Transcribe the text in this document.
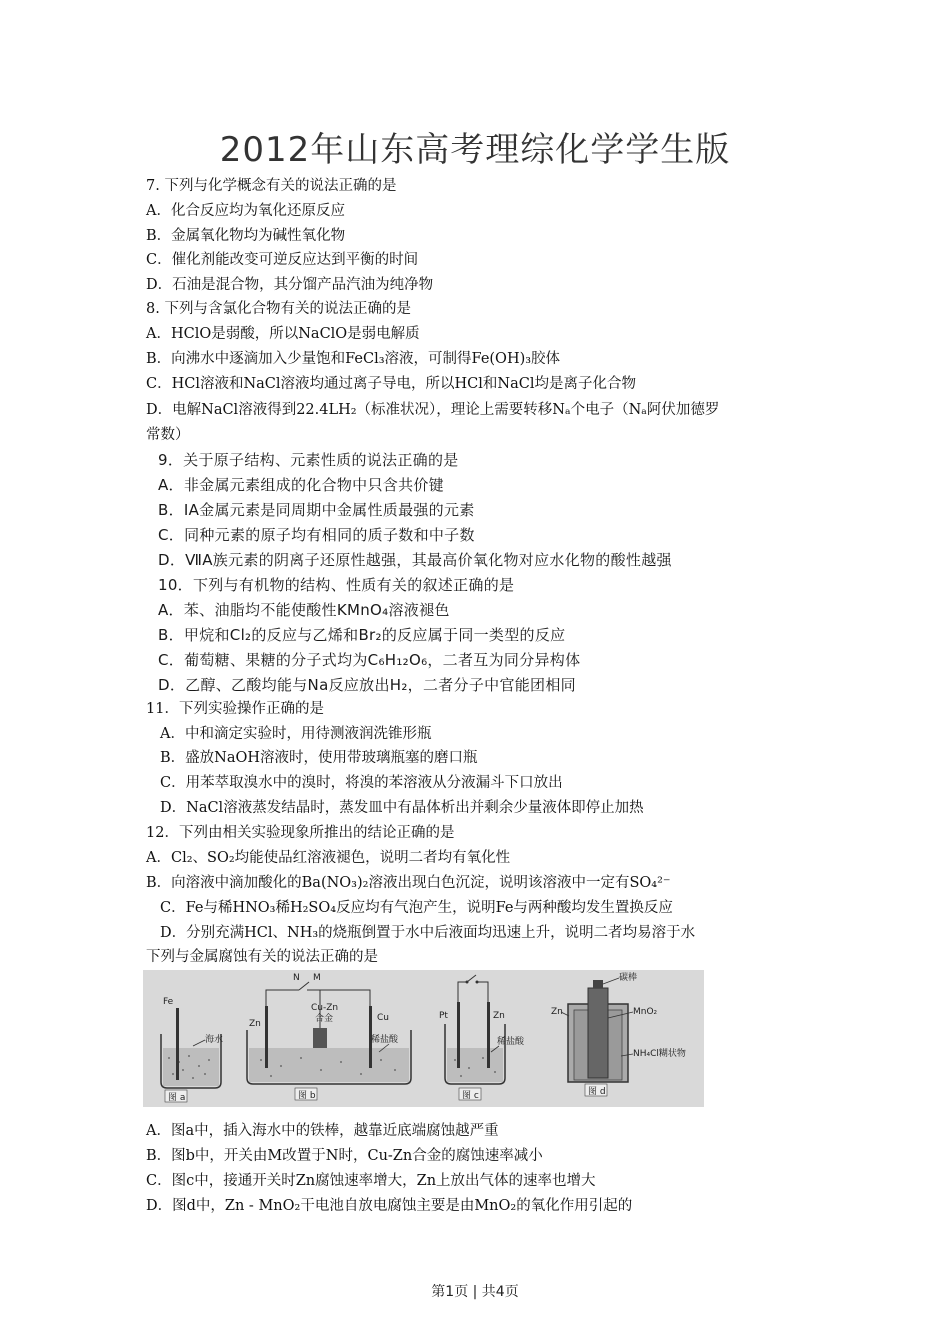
2012年山东高考理综化学学生版
7. 下列与化学概念有关的说法正确的是
A．化合反应均为氧化还原反应
B．金属氧化物均为碱性氧化物
C．催化剂能改变可逆反应达到平衡的时间
D．石油是混合物，其分馏产品汽油为纯净物
8. 下列与含氯化合物有关的说法正确的是
A．HClO是弱酸，所以NaClO是弱电解质
B．向沸水中逐滴加入少量饱和FeCl₃溶液，可制得Fe(OH)₃胶体
C．HCl溶液和NaCl溶液均通过离子导电，所以HCl和NaCl均是离子化合物
D．电解NaCl溶液得到22.4LH₂（标准状况），理论上需要转移Nₐ个电子（Nₐ阿伏加德罗
常数）
9．关于原子结构、元素性质的说法正确的是
A．非金属元素组成的化合物中只含共价键
B．ⅠA金属元素是同周期中金属性质最强的元素
C．同种元素的原子均有相同的质子数和中子数
D．ⅦA族元素的阴离子还原性越强，其最高价氧化物对应水化物的酸性越强
10．下列与有机物的结构、性质有关的叙述正确的是
A．苯、油脂均不能使酸性KMnO₄溶液褪色
B．甲烷和Cl₂的反应与乙烯和Br₂的反应属于同一类型的反应
C．葡萄糖、果糖的分子式均为C₆H₁₂O₆，二者互为同分异构体
D．乙醇、乙酸均能与Na反应放出H₂，二者分子中官能团相同
11．下列实验操作正确的是
A．中和滴定实验时，用待测液润洗锥形瓶
B．盛放NaOH溶液时，使用带玻璃瓶塞的磨口瓶
C．用苯萃取溴水中的溴时，将溴的苯溶液从分液漏斗下口放出
D．NaCl溶液蒸发结晶时，蒸发皿中有晶体析出并剩余少量液体即停止加热
12．下列由相关实验现象所推出的结论正确的是
A．Cl₂、SO₂均能使品红溶液褪色，说明二者均有氧化性
B．向溶液中滴加酸化的Ba(NO₃)₂溶液出现白色沉淀，说明该溶液中一定有SO₄²⁻
C．Fe与稀HNO₃稀H₂SO₄反应均有气泡产生，说明Fe与两种酸均发生置换反应
D．分别充满HCl、NH₃的烧瓶倒置于水中后液面均迅速上升，说明二者均易溶于水
下列与金属腐蚀有关的说法正确的是
Fe
海水
图 a
N M
Cu-Zn
合金
Zn
Cu
稀盐酸
图 b
Pt	Zn
稀盐酸
图 c
碳棒
Zn	MnO₂
NH₄Cl糊状物
图 d
A．图a中，插入海水中的铁棒，越靠近底端腐蚀越严重
B．图b中，开关由M改置于N时，Cu-Zn合金的腐蚀速率减小
C．图c中，接通开关时Zn腐蚀速率增大，Zn上放出气体的速率也增大
D．图d中，Zn - MnO₂干电池自放电腐蚀主要是由MnO₂的氧化作用引起的
第1页 | 共4页
